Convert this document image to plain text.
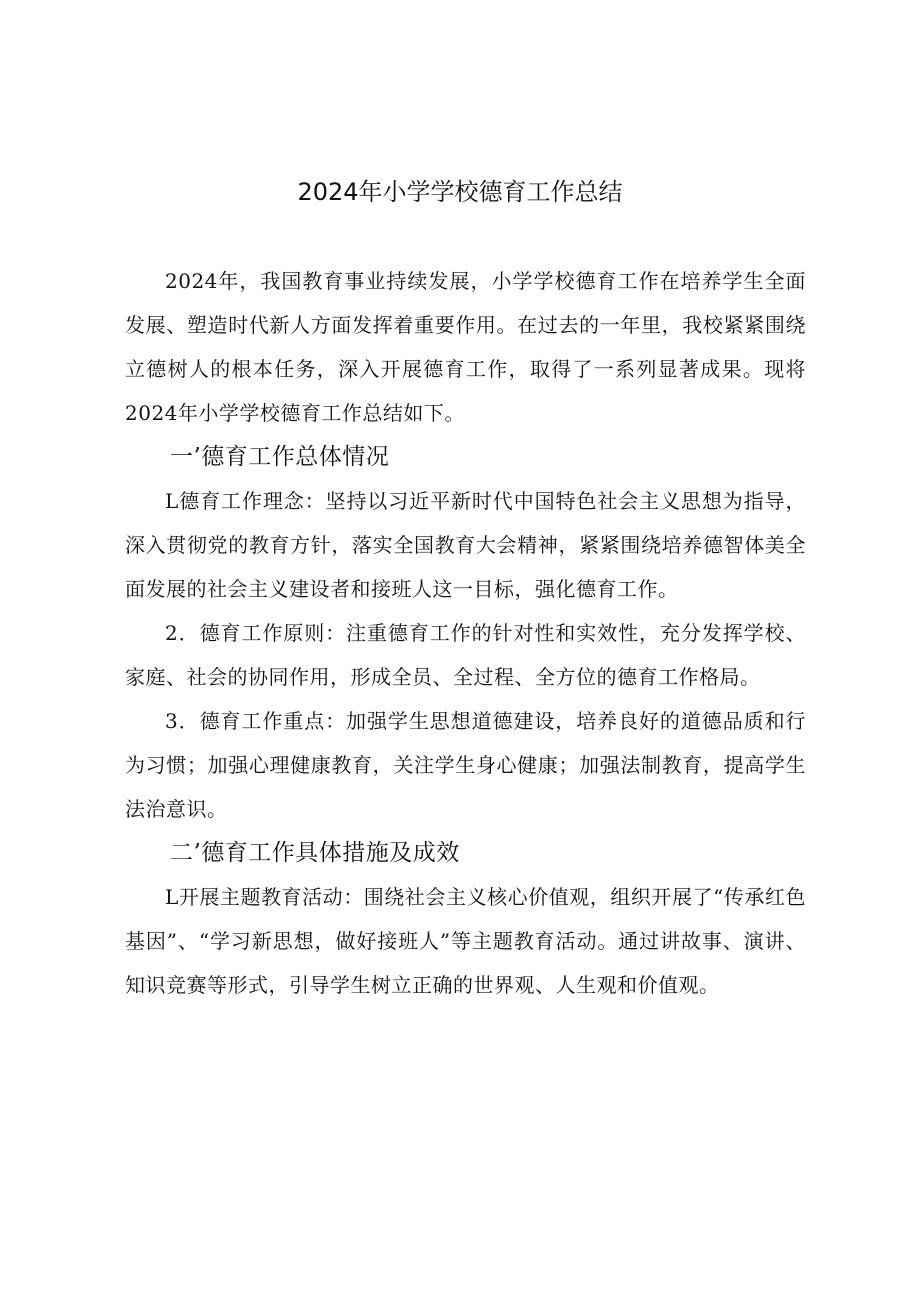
2024年小学学校德育工作总结

2024年，我国教育事业持续发展，小学学校德育工作在培养学生全面发展、塑造时代新人方面发挥着重要作用。在过去的一年里，我校紧紧围绕立德树人的根本任务，深入开展德育工作，取得了一系列显著成果。现将2024年小学学校德育工作总结如下。

一’德育工作总体情况

L德育工作理念：坚持以习近平新时代中国特色社会主义思想为指导，深入贯彻党的教育方针，落实全国教育大会精神，紧紧围绕培养德智体美全面发展的社会主义建设者和接班人这一目标，强化德育工作。

2．德育工作原则：注重德育工作的针对性和实效性，充分发挥学校、家庭、社会的协同作用，形成全员、全过程、全方位的德育工作格局。

3．德育工作重点：加强学生思想道德建设，培养良好的道德品质和行为习惯；加强心理健康教育，关注学生身心健康；加强法制教育，提高学生法治意识。

二’德育工作具体措施及成效

L开展主题教育活动：围绕社会主义核心价值观，组织开展了“传承红色基因”、“学习新思想，做好接班人”等主题教育活动。通过讲故事、演讲、知识竞赛等形式，引导学生树立正确的世界观、人生观和价值观。
